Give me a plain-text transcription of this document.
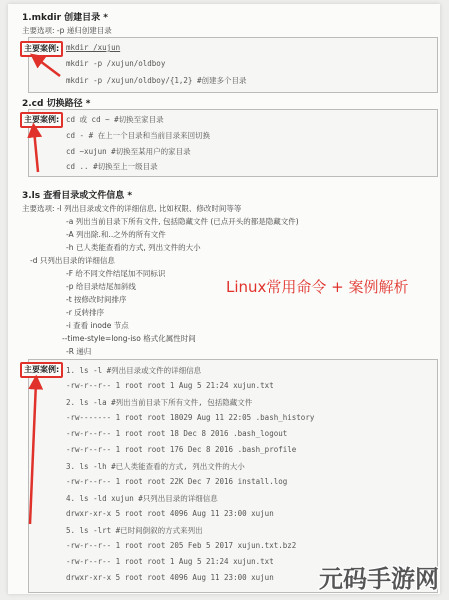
1.mkdir 创建目录 *
主要选项: -p 递归创建目录
主要案例: mkdir /xujun
mkdir -p /xujun/oldboy
mkdir -p /xujun/oldboy/{1,2} #创建多个目录
2.cd 切换路径 *
主要案例: cd 或 cd ~ #切换至家目录
cd - # 在上一个目录和当前目录来回切换
cd ~xujun #切换至某用户的家目录
cd .. #切换至上一级目录
3.ls 查看目录或文件信息 *
主要选项: -l 列出目录或文件的详细信息, 比如权限、修改时间等等
-a 列出当前目录下所有文件, 包括隐藏文件 (已点开头的都是隐藏文件)
-A 列出除.和..之外的所有文件
-h 已人类能查看的方式, 列出文件的大小
-d 只列出目录的详细信息
-F 给不同文件结尾加不同标识
-p 给目录结尾加斜线
-t 按修改时间排序
-r 反转排序
-i 查看 inode 节点
--time-style=long-iso 格式化属性时间
-R 递归
Linux常用命令 + 案例解析
主要案例: 1. ls -l #列出目录或文件的详细信息
-rw-r--r-- 1 root root 1 Aug 5 21:24 xujun.txt
2. ls -la #列出当前目录下所有文件, 包括隐藏文件
-rw------- 1 root root 18029 Aug 11 22:05 .bash_history
-rw-r--r-- 1 root root 18 Dec 8 2016 .bash_logout
-rw-r--r-- 1 root root 176 Dec 8 2016 .bash_profile
3. ls -lh #已人类能查看的方式, 列出文件的大小
-rw-r--r-- 1 root root 22K Dec 7 2016 install.log
4. ls -ld xujun #只列出目录的详细信息
drwxr-xr-x 5 root root 4096 Aug 11 23:00 xujun
5. ls -lrt #已时间倒叙的方式来列出
-rw-r--r-- 1 root root 205 Feb 5 2017 xujun.txt.bz2
-rw-r--r-- 1 root root 1 Aug 5 21:24 xujun.txt
drwxr-xr-x 5 root root 4096 Aug 11 23:00 xujun 元码手游网
